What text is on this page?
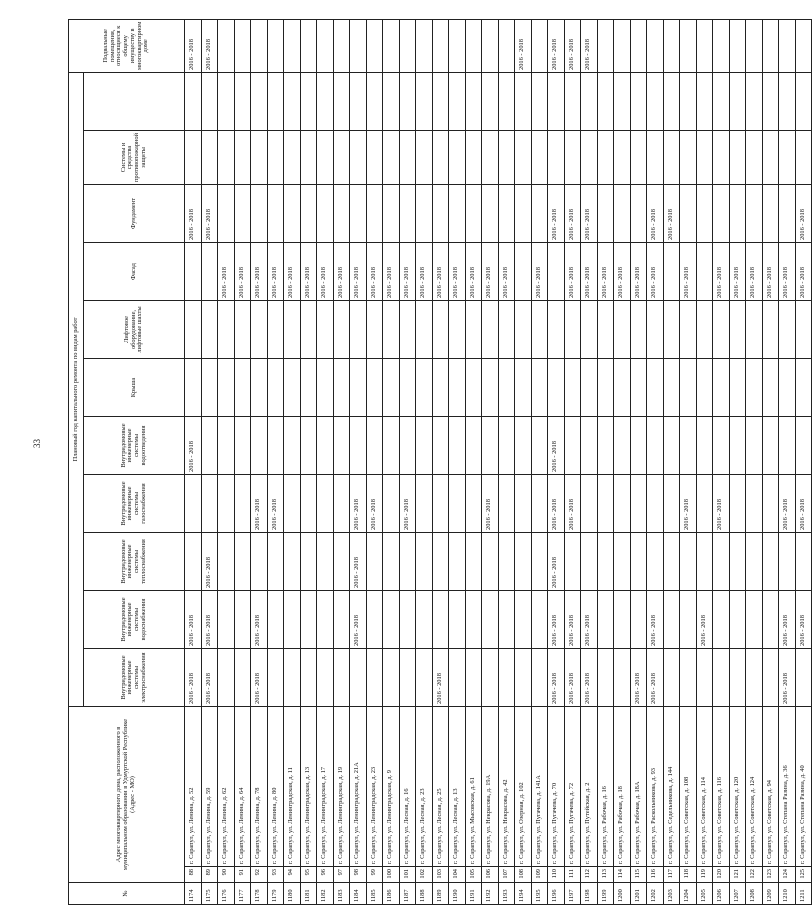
33
№	Адрес многоквартирного дома, расположенного в муниципальном образовании в Удмуртской Республике (Адрес - МО)		Плановый год капитального ремонта по видам работ											Подвальные помещения, относящиеся к общему имуществу в многоквартирном доме
			Внутридомовые инженерные системы электроснабжения	Внутридомовые инженерные системы водоснабжения	Внутридомовые инженерные системы теплоснабжения	Внутридомовые инженерные системы газоснабжения	Внутридомовые инженерные системы водоотведения	Крыша	Лифтовое оборудование, лифтовые шахты	Фасад	Фундамент	Системы и средства противопожарной защиты		
1174	88	г. Сарапул, ул. Ленина, д. 52	2016 - 2018	2016 - 2018			2016 - 2018				2016 - 2018			2016 - 2018
1175	89	г. Сарапул, ул. Ленина, д. 59	2016 - 2018	2016 - 2018	2016 - 2018						2016 - 2018			2016 - 2018
1176	90	г. Сарапул, ул. Ленина, д. 62								2016 - 2018				
1177	91	г. Сарапул, ул. Ленина, д. 64								2016 - 2018				
1178	92	г. Сарапул, ул. Ленина, д. 78	2016 - 2018	2016 - 2018		2016 - 2018				2016 - 2018				
1179	93	г. Сарапул, ул. Ленина, д. 80				2016 - 2018				2016 - 2018				
1180	94	г. Сарапул, ул. Ленинградская, д. 11								2016 - 2018				
1181	95	г. Сарапул, ул. Ленинградская, д. 13								2016 - 2018				
1182	96	г. Сарапул, ул. Ленинградская, д. 17								2016 - 2018				
1183	97	г. Сарапул, ул. Ленинградская, д. 19								2016 - 2018				
1184	98	г. Сарапул, ул. Ленинградская, д. 21А		2016 - 2018	2016 - 2018	2016 - 2018				2016 - 2018				
1185	99	г. Сарапул, ул. Ленинградская, д. 23				2016 - 2018				2016 - 2018				
1186	100	г. Сарапул, ул. Ленинградская, д. 9								2016 - 2018				
1187	101	г. Сарапул, ул. Лесная, д. 16				2016 - 2018				2016 - 2018				
1188	102	г. Сарапул, ул. Лесная, д. 23								2016 - 2018				
1189	103	г. Сарапул, ул. Лесная, д. 25	2016 - 2018							2016 - 2018				
1190	104	г. Сарапул, ул. Лесная, д. 13								2016 - 2018				
1191	105	г. Сарапул, ул. Мысовская, д. 61								2016 - 2018				
1192	106	г. Сарапул, ул. Некрасова, д. 19А				2016 - 2018				2016 - 2018				
1193	107	г. Сарапул, ул. Некрасова, д. 42								2016 - 2018				
1194	108	г. Сарапул, ул. Озерная, д. 102												2016 - 2018
1195	109	г. Сарапул, ул. Пугачева, д. 141А								2016 - 2018				
1196	110	г. Сарапул, ул. Пугачева, д. 70	2016 - 2018	2016 - 2018	2016 - 2018	2016 - 2018	2016 - 2018				2016 - 2018			2016 - 2018
1197	111	г. Сарапул, ул. Пугачева, д. 72	2016 - 2018	2016 - 2018		2016 - 2018				2016 - 2018	2016 - 2018			2016 - 2018
1198	112	г. Сарапул, ул. Путейская, д. 2	2016 - 2018	2016 - 2018						2016 - 2018	2016 - 2018			2016 - 2018
1199	113	г. Сарапул, ул. Рабочая, д. 16								2016 - 2018				
1200	114	г. Сарапул, ул. Рабочая, д. 18								2016 - 2018				
1201	115	г. Сарапул, ул. Рабочая, д. 18А	2016 - 2018							2016 - 2018				
1202	116	г. Сарапул, ул. Раскольникова, д. 93	2016 - 2018	2016 - 2018						2016 - 2018	2016 - 2018			
1203	117	г. Сарапул, ул. Седельникова, д. 144									2016 - 2018			
1204	118	г. Сарапул, ул. Советская, д. 108				2016 - 2018				2016 - 2018				
1205	119	г. Сарапул, ул. Советская, д. 114		2016 - 2018										
1206	120	г. Сарапул, ул. Советская, д. 116				2016 - 2018				2016 - 2018				
1207	121	г. Сарапул, ул. Советская, д. 120								2016 - 2018				
1208	122	г. Сарапул, ул. Советская, д. 124								2016 - 2018				
1209	123	г. Сарапул, ул. Советская, д. 94								2016 - 2018				
1210	124	г. Сарапул, ул. Степана Разина, д. 36	2016 - 2018	2016 - 2018		2016 - 2018				2016 - 2018				
1211	125	г. Сарапул, ул. Степана Разина, д. 40		2016 - 2018		2016 - 2018				2016 - 2018	2016 - 2018			
